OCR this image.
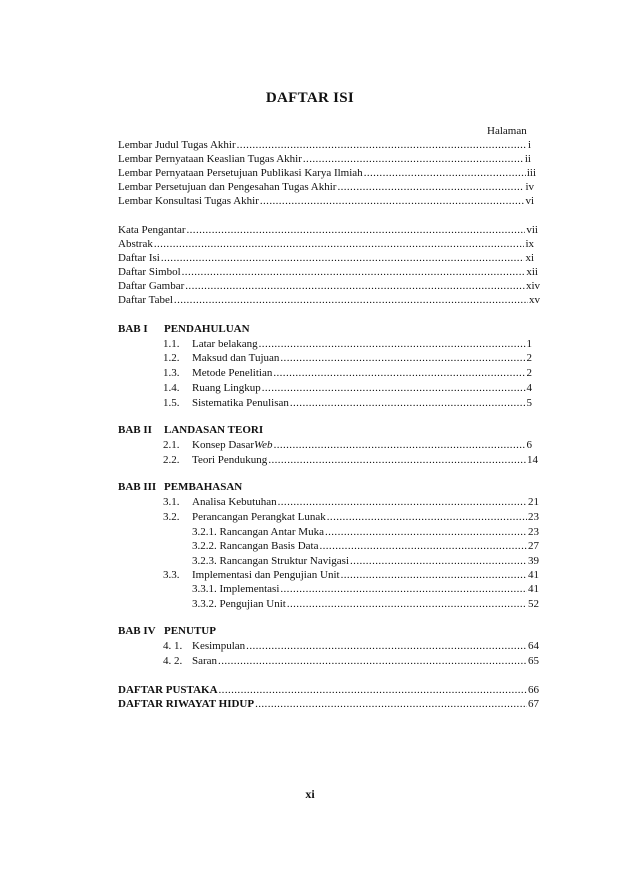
DAFTAR ISI
Halaman
Lembar Judul Tugas Akhir .....	i
Lembar Pernyataan Keaslian Tugas Akhir .....	ii
Lembar Pernyataan Persetujuan Publikasi Karya Ilmiah .....	iii
Lembar Persetujuan dan Pengesahan Tugas Akhir .....	iv
Lembar Konsultasi Tugas Akhir .....	vi
Kata Pengantar .....	vii
Abstrak .....	ix
Daftar Isi .....	xi
Daftar Simbol .....	xii
Daftar Gambar .....	xiv
Daftar Tabel .....	xv
BAB I PENDAHULUAN
1.1.	Latar belakang .....	1
1.2.	Maksud dan Tujuan .....	2
1.3.	Metode Penelitian .....	2
1.4.	Ruang Lingkup .....	4
1.5.	Sistematika Penulisan .....	5
BAB II LANDASAN TEORI
2.1.	Konsep Dasar Web .....	6
2.2.	Teori Pendukung .....	14
BAB III PEMBAHASAN
3.1.	Analisa Kebutuhan .....	21
3.2.	Perancangan Perangkat Lunak .....	23
3.2.1. Rancangan Antar Muka .....	23
3.2.2. Rancangan Basis Data .....	27
3.2.3. Rancangan Struktur Navigasi .....	39
3.3.	Implementasi dan Pengujian Unit .....	41
3.3.1. Implementasi .....	41
3.3.2. Pengujian Unit .....	52
BAB IV PENUTUP
4. 1. Kesimpulan .....	64
4. 2. Saran .....	65
DAFTAR PUSTAKA .....	66
DAFTAR RIWAYAT HIDUP .....	67
xi
